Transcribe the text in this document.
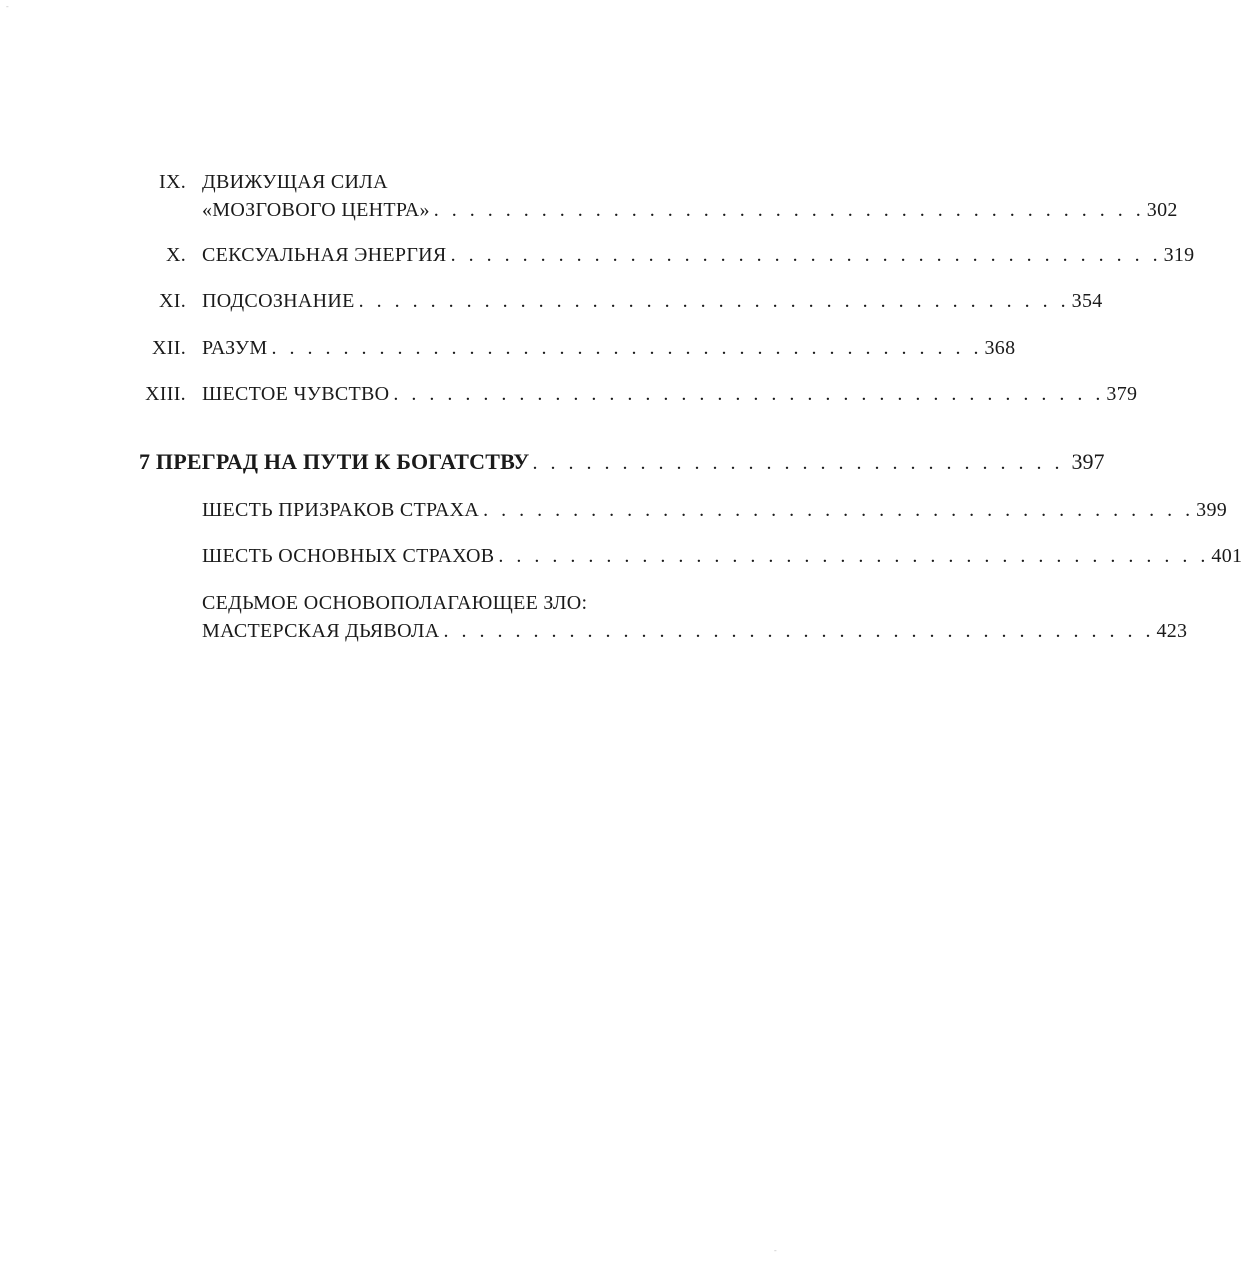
IX. ДВИЖУЩАЯ СИЛА
«МОЗГОВОГО ЦЕНТРА» . . . . . . . . . . . . . . . . . . . . . . . . . . . . . . . . . . . . . . . . 302
X. СЕКСУАЛЬНАЯ ЭНЕРГИЯ . . . . . . . . . . . . . . . . . . . . . . . . . . . . . . . . . . . . . . . . 319
XI. ПОДСОЗНАНИЕ . . . . . . . . . . . . . . . . . . . . . . . . . . . . . . . . . . . . . . . . 354
XII. РАЗУМ . . . . . . . . . . . . . . . . . . . . . . . . . . . . . . . . . . . . . . . . 368
XIII. ШЕСТОЕ ЧУВСТВО . . . . . . . . . . . . . . . . . . . . . . . . . . . . . . . . . . . . . . . . 379
7 ПРЕГРАД НА ПУТИ К БОГАТСТВУ . . . . . . . . . . . . . . . . . . . . . . . . . . . . . . 397
ШЕСТЬ ПРИЗРАКОВ СТРАХА . . . . . . . . . . . . . . . . . . . . . . . . . . . . . . . . . . . . . . . . 399
ШЕСТЬ ОСНОВНЫХ СТРАХОВ . . . . . . . . . . . . . . . . . . . . . . . . . . . . . . . . . . . . . . . . 401
СЕДЬМОЕ ОСНОВОПОЛАГАЮЩЕЕ ЗЛО:
МАСТЕРСКАЯ ДЬЯВОЛА . . . . . . . . . . . . . . . . . . . . . . . . . . . . . . . . . . . . . . . . 423
-
-
